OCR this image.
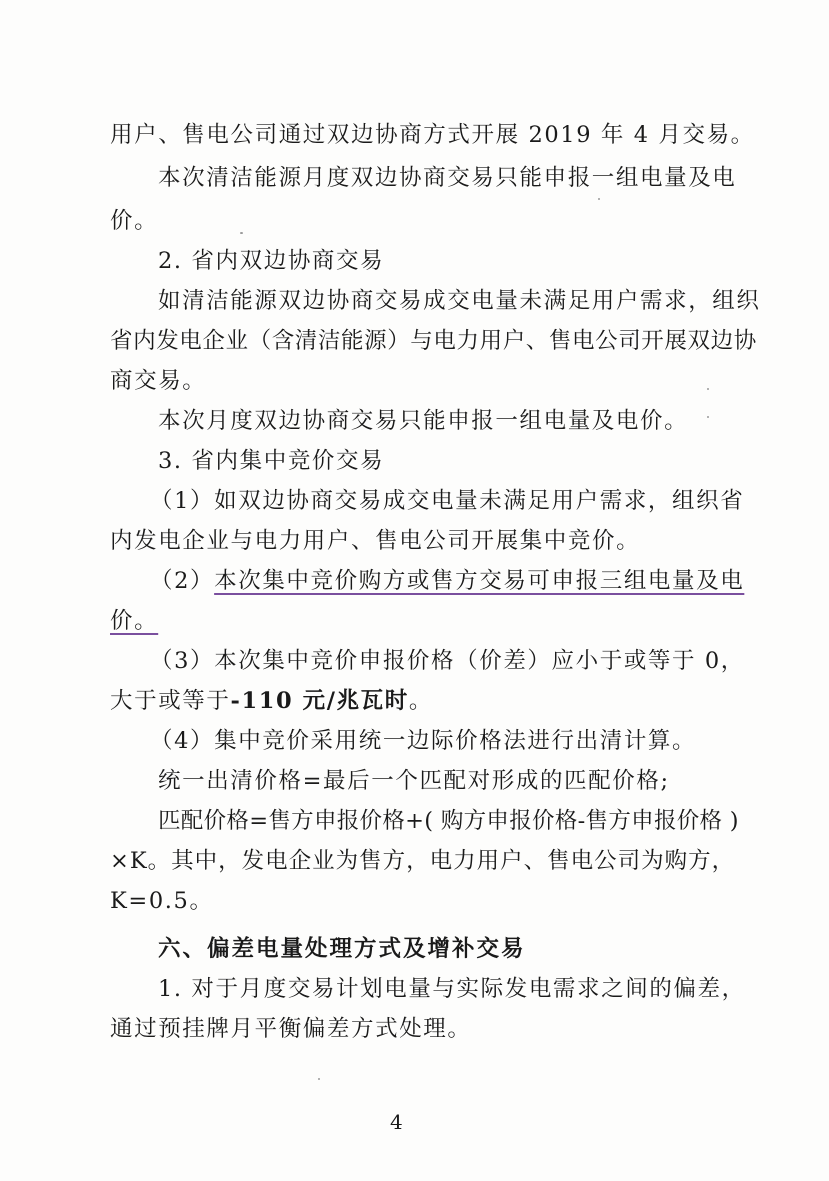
用户、售电公司通过双边协商方式开展 2019 年 4 月交易。
本次清洁能源月度双边协商交易只能申报一组电量及电
价。
2. 省内双边协商交易
如清洁能源双边协商交易成交电量未满足用户需求，组织
省内发电企业（含清洁能源）与电力用户、售电公司开展双边协
商交易。
本次月度双边协商交易只能申报一组电量及电价。
3. 省内集中竞价交易
（1）如双边协商交易成交电量未满足用户需求，组织省
内发电企业与电力用户、售电公司开展集中竞价。
（2）本次集中竞价购方或售方交易可申报三组电量及电
价。
（3）本次集中竞价申报价格（价差）应小于或等于 0，
大于或等于-110 元/兆瓦时。
（4）集中竞价采用统一边际价格法进行出清计算。
统一出清价格=最后一个匹配对形成的匹配价格;
匹配价格=售方申报价格+( 购方申报价格-售方申报价格 )
×K。其中，发电企业为售方，电力用户、售电公司为购方，
K=0.5。
六、偏差电量处理方式及增补交易
1. 对于月度交易计划电量与实际发电需求之间的偏差，
通过预挂牌月平衡偏差方式处理。
4
